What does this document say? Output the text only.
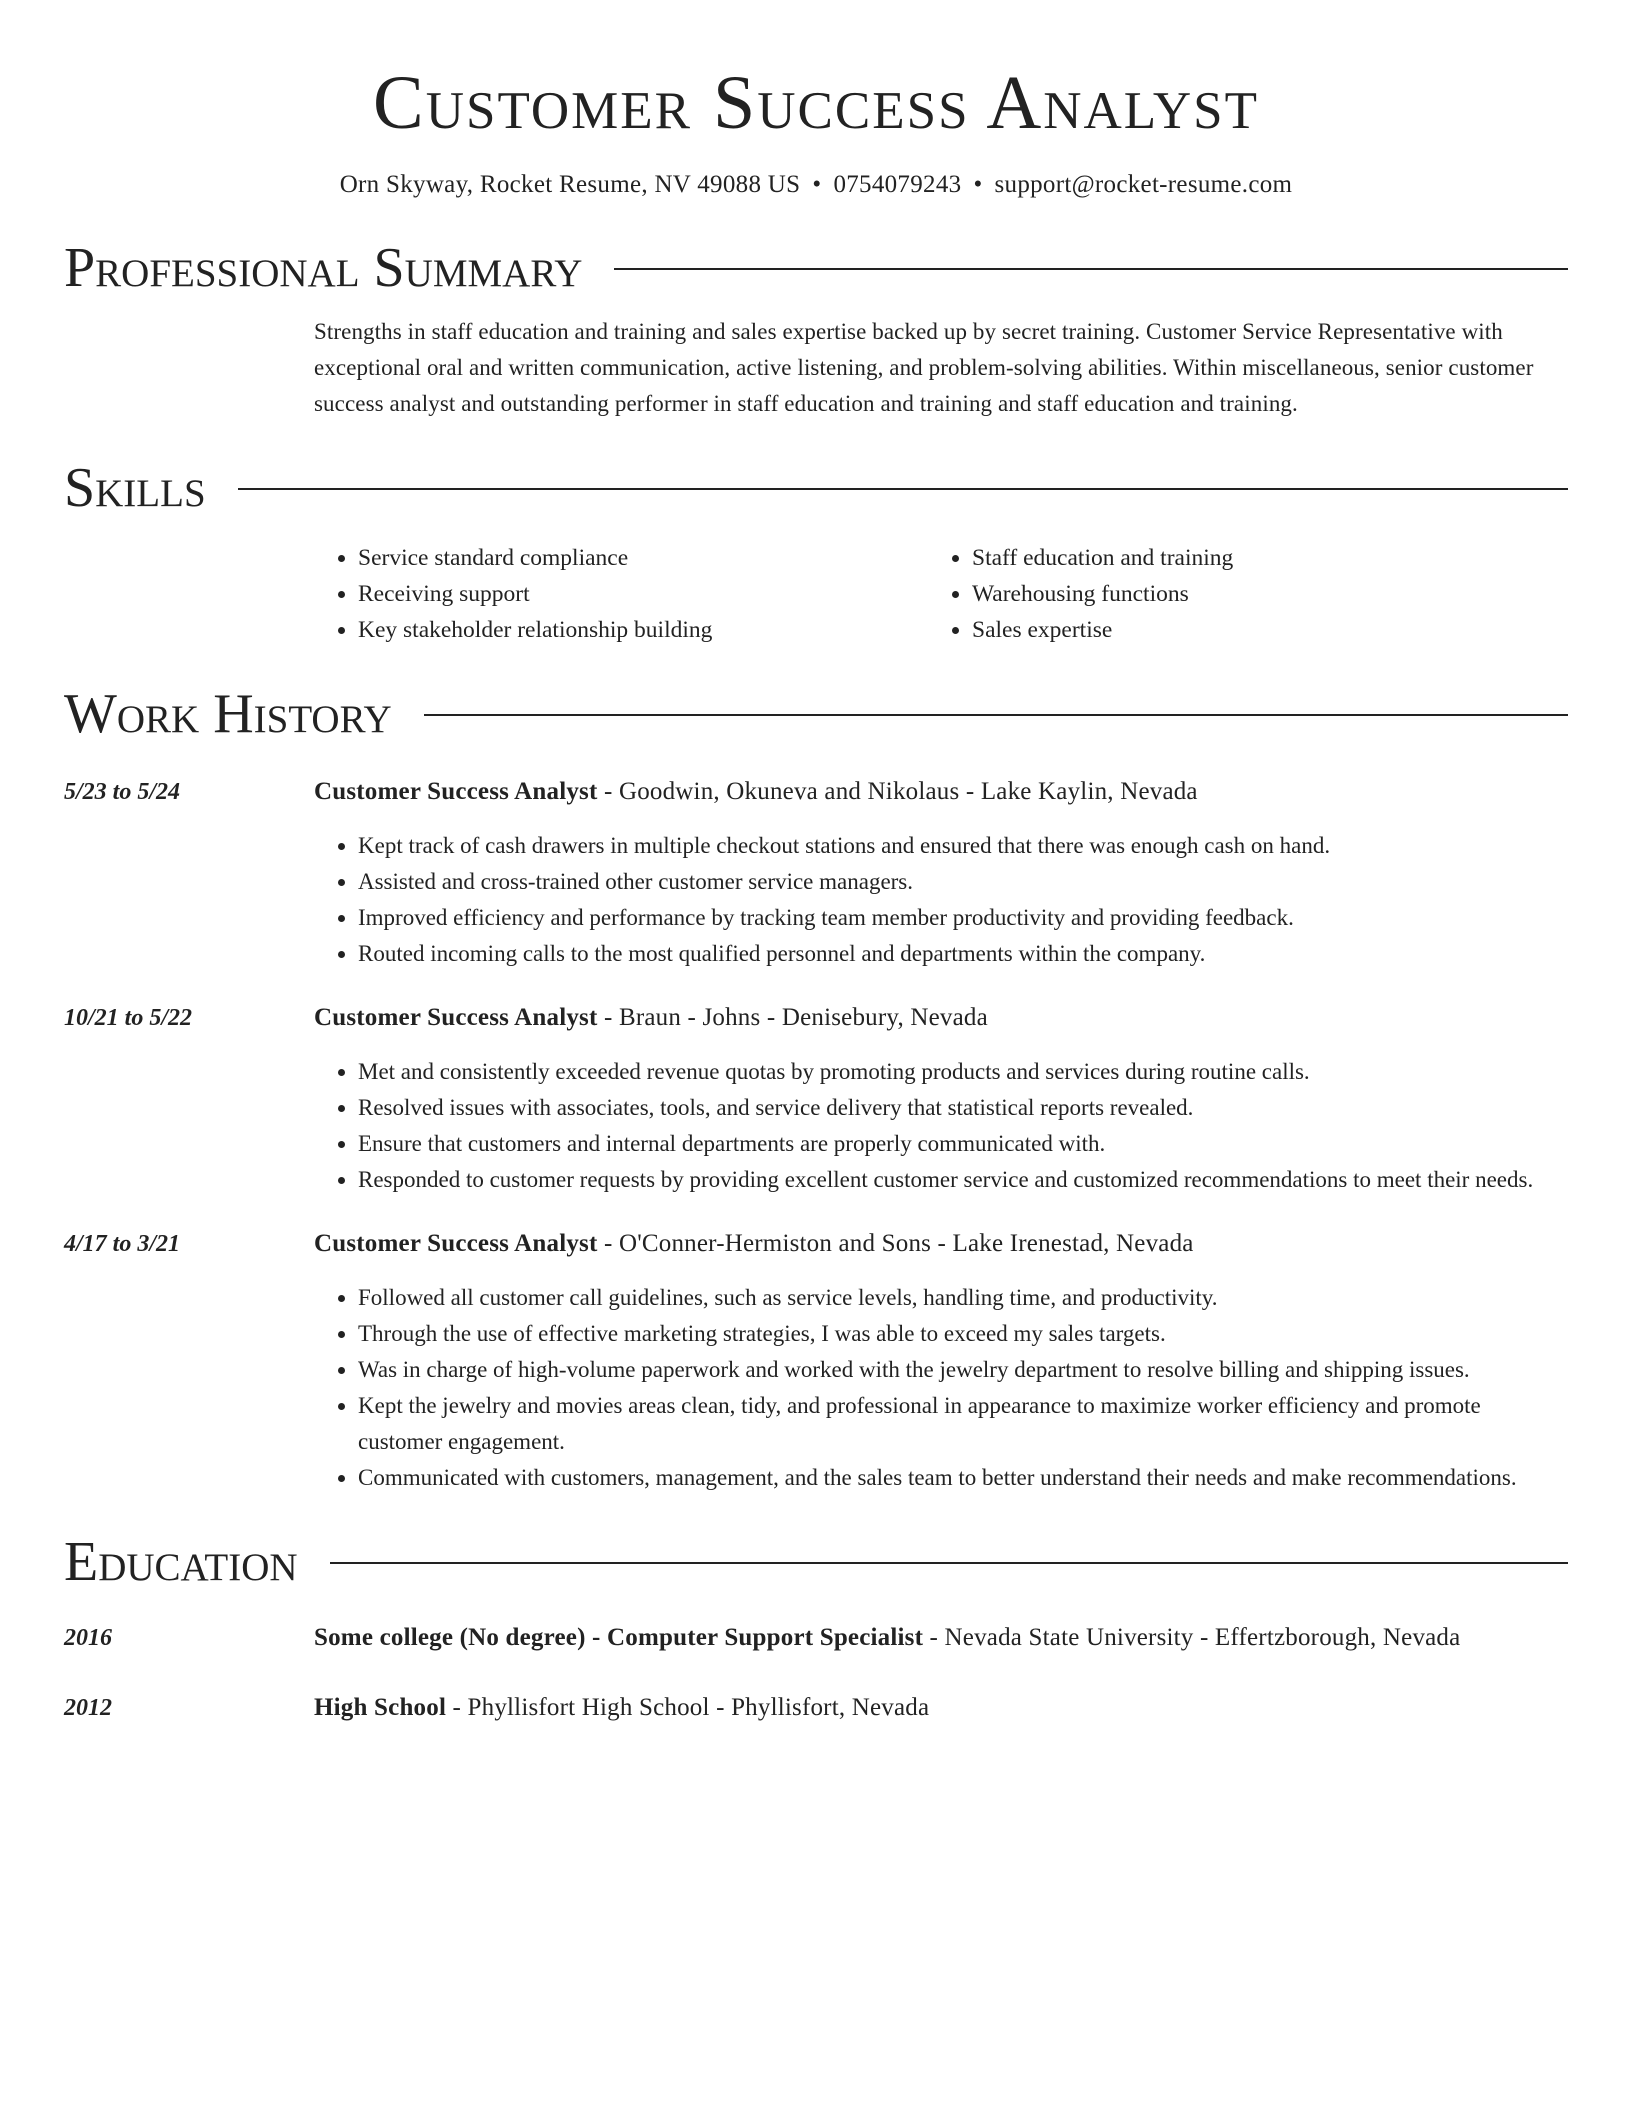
Customer Success Analyst
Orn Skyway, Rocket Resume, NV 49088 US • 0754079243 • support@rocket-resume.com
Professional Summary
Strengths in staff education and training and sales expertise backed up by secret training. Customer Service Representative with exceptional oral and written communication, active listening, and problem-solving abilities. Within miscellaneous, senior customer success analyst and outstanding performer in staff education and training and staff education and training.
Skills
• Service standard compliance
• Receiving support
• Key stakeholder relationship building
• Staff education and training
• Warehousing functions
• Sales expertise
Work History
5/23 to 5/24	Customer Success Analyst - Goodwin, Okuneva and Nikolaus - Lake Kaylin, Nevada
• Kept track of cash drawers in multiple checkout stations and ensured that there was enough cash on hand.
• Assisted and cross-trained other customer service managers.
• Improved efficiency and performance by tracking team member productivity and providing feedback.
• Routed incoming calls to the most qualified personnel and departments within the company.
10/21 to 5/22	Customer Success Analyst - Braun - Johns - Denisebury, Nevada
• Met and consistently exceeded revenue quotas by promoting products and services during routine calls.
• Resolved issues with associates, tools, and service delivery that statistical reports revealed.
• Ensure that customers and internal departments are properly communicated with.
• Responded to customer requests by providing excellent customer service and customized recommendations to meet their needs.
4/17 to 3/21	Customer Success Analyst - O'Conner-Hermiston and Sons - Lake Irenestad, Nevada
• Followed all customer call guidelines, such as service levels, handling time, and productivity.
• Through the use of effective marketing strategies, I was able to exceed my sales targets.
• Was in charge of high-volume paperwork and worked with the jewelry department to resolve billing and shipping issues.
• Kept the jewelry and movies areas clean, tidy, and professional in appearance to maximize worker efficiency and promote customer engagement.
• Communicated with customers, management, and the sales team to better understand their needs and make recommendations.
Education
2016	Some college (No degree) - Computer Support Specialist - Nevada State University - Effertzborough, Nevada
2012	High School - Phyllisfort High School - Phyllisfort, Nevada
